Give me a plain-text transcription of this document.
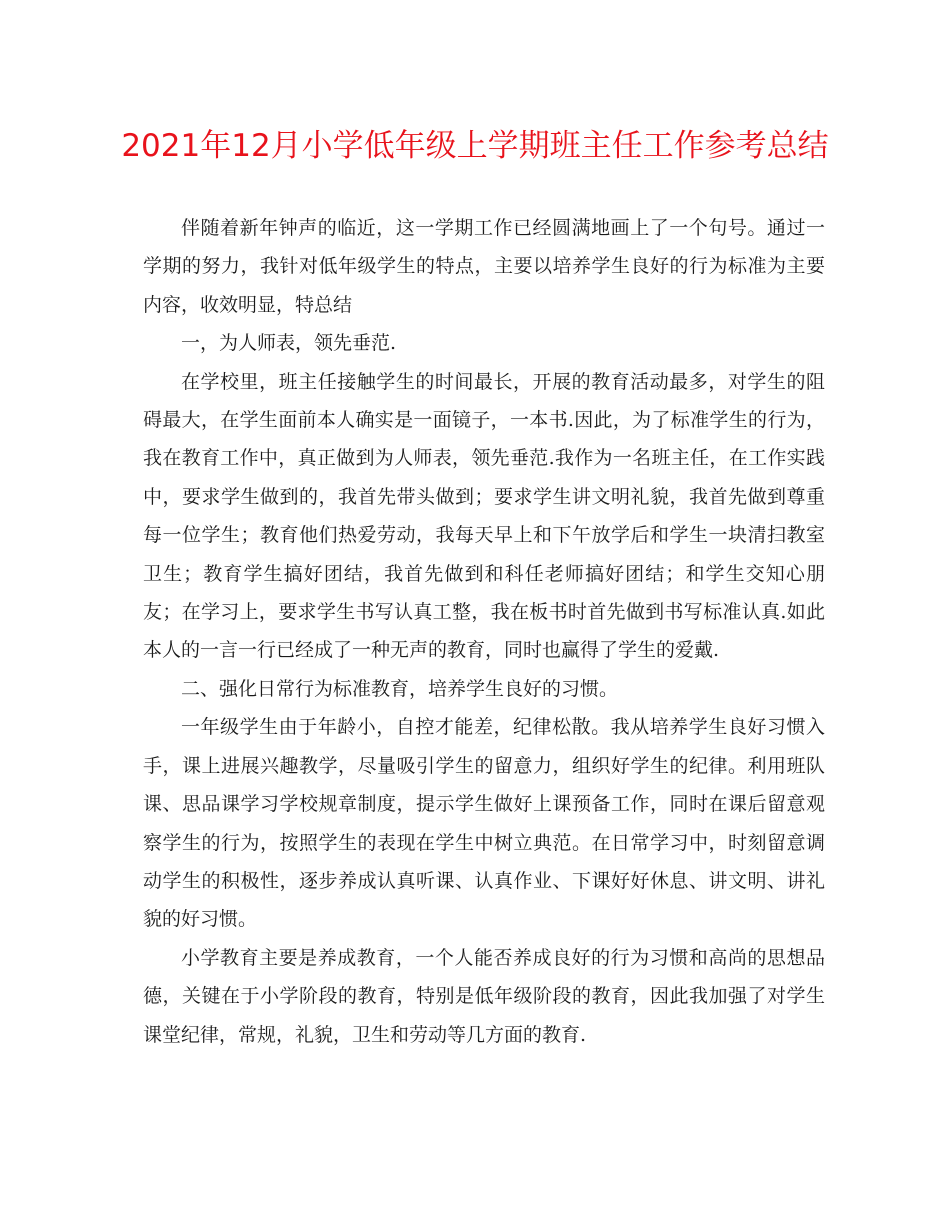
2021年12月小学低年级上学期班主任工作参考总结

伴随着新年钟声的临近，这一学期工作已经圆满地画上了一个句号。通过一学期的努力，我针对低年级学生的特点，主要以培养学生良好的行为标准为主要内容，收效明显，特总结

一，为人师表，领先垂范.

在学校里，班主任接触学生的时间最长，开展的教育活动最多，对学生的阻碍最大，在学生面前本人确实是一面镜子，一本书.因此，为了标准学生的行为，我在教育工作中，真正做到为人师表，领先垂范.我作为一名班主任，在工作实践中，要求学生做到的，我首先带头做到；要求学生讲文明礼貌，我首先做到尊重每一位学生；教育他们热爱劳动，我每天早上和下午放学后和学生一块清扫教室卫生；教育学生搞好团结，我首先做到和科任老师搞好团结；和学生交知心朋友；在学习上，要求学生书写认真工整，我在板书时首先做到书写标准认真.如此本人的一言一行已经成了一种无声的教育，同时也赢得了学生的爱戴.

二、强化日常行为标准教育，培养学生良好的习惯。

一年级学生由于年龄小，自控才能差，纪律松散。我从培养学生良好习惯入手，课上进展兴趣教学，尽量吸引学生的留意力，组织好学生的纪律。利用班队课、思品课学习学校规章制度，提示学生做好上课预备工作，同时在课后留意观察学生的行为，按照学生的表现在学生中树立典范。在日常学习中，时刻留意调动学生的积极性，逐步养成认真听课、认真作业、下课好好休息、讲文明、讲礼貌的好习惯。

小学教育主要是养成教育，一个人能否养成良好的行为习惯和高尚的思想品德，关键在于小学阶段的教育，特别是低年级阶段的教育，因此我加强了对学生课堂纪律，常规，礼貌，卫生和劳动等几方面的教育.
